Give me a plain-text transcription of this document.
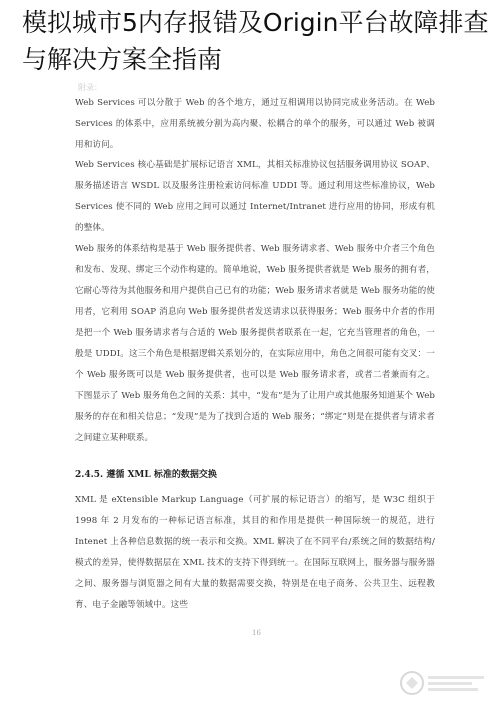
模拟城市5内存报错及Origin平台故障排查与解决方案全指南
附录：

Web Services 可以分散于 Web 的各个地方，通过互相调用以协同完成业务活动。在 Web Services 的体系中，应用系统被分割为高内聚、松耦合的单个的服务，可以通过 Web 被调用和访问。

Web Services 核心基础是扩展标记语言 XML，其相关标准协议包括服务调用协议 SOAP、服务描述语言 WSDL 以及服务注册检索访问标准 UDDI 等。通过利用这些标准协议，Web Services 使不同的 Web 应用之间可以通过 Internet/Intranet 进行应用的协同，形成有机的整体。

Web 服务的体系结构是基于 Web 服务提供者、Web 服务请求者、Web 服务中介者三个角色和发布、发现、绑定三个动作构建的。简单地说，Web 服务提供者就是 Web 服务的拥有者，它耐心等待为其他服务和用户提供自己已有的功能；Web 服务请求者就是 Web 服务功能的使用者，它利用 SOAP 消息向 Web 服务提供者发送请求以获得服务；Web 服务中介者的作用是把一个 Web 服务请求者与合适的 Web 服务提供者联系在一起，它充当管理者的角色，一般是 UDDI。这三个角色是根据逻辑关系划分的，在实际应用中，角色之间很可能有交叉：一个 Web 服务既可以是 Web 服务提供者，也可以是 Web 服务请求者，或者二者兼而有之。下图显示了 Web 服务角色之间的关系：其中，“发布”是为了让用户或其他服务知道某个 Web 服务的存在和相关信息；“发现”是为了找到合适的 Web 服务；“绑定”则是在提供者与请求者之间建立某种联系。

2.4.5. 遵循 XML 标准的数据交换

XML 是 eXtensible Markup Language（可扩展的标记语言）的缩写，是 W3C 组织于 1998 年 2 月发布的一种标记语言标准，其目的和作用是提供一种国际统一的规范，进行 Intenet 上各种信息数据的统一表示和交换。XML 解决了在不同平台/系统之间的数据结构/模式的差异，使得数据层在 XML 技术的支持下得到统一。在国际互联网上，服务器与服务器之间、服务器与浏览器之间有大量的数据需要交换，特别是在电子商务、公共卫生、远程教育、电子金融等领域中。这些

16
